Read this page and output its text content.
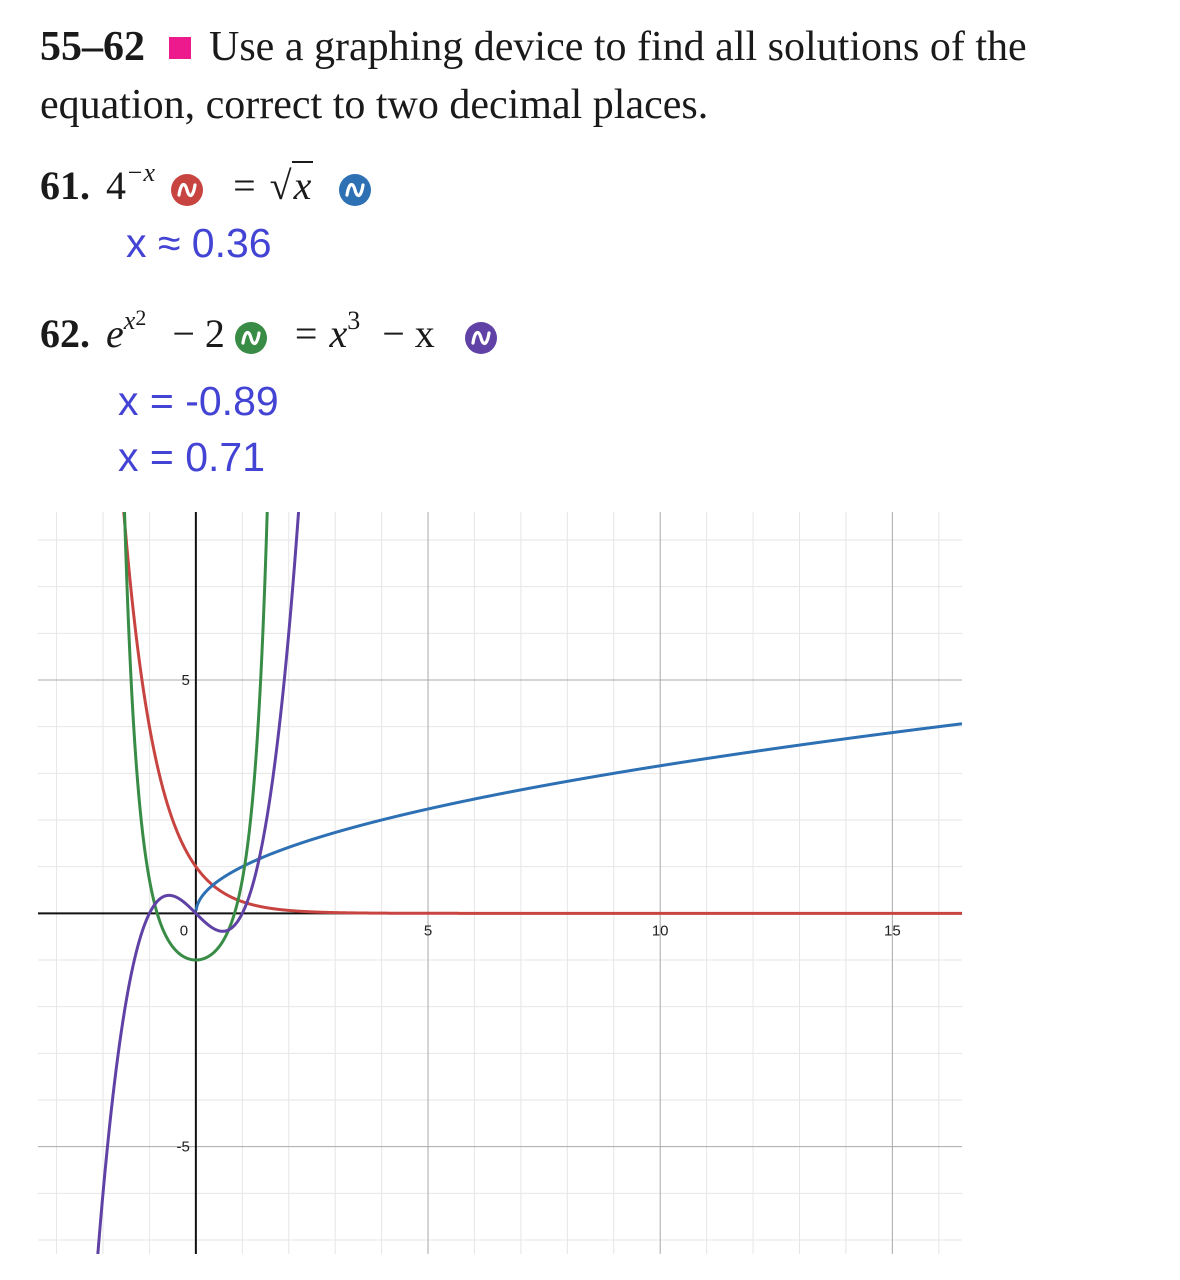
55–62 Use a graphing device to find all solutions of the equation, correct to two decimal places.
61. $4^{-x} = √x$
x ≈ 0.36
62. $e^{x2} - 2 = x^3 - x$
x = -0.89
x = 0.71
0	5	10	15
5
-5
